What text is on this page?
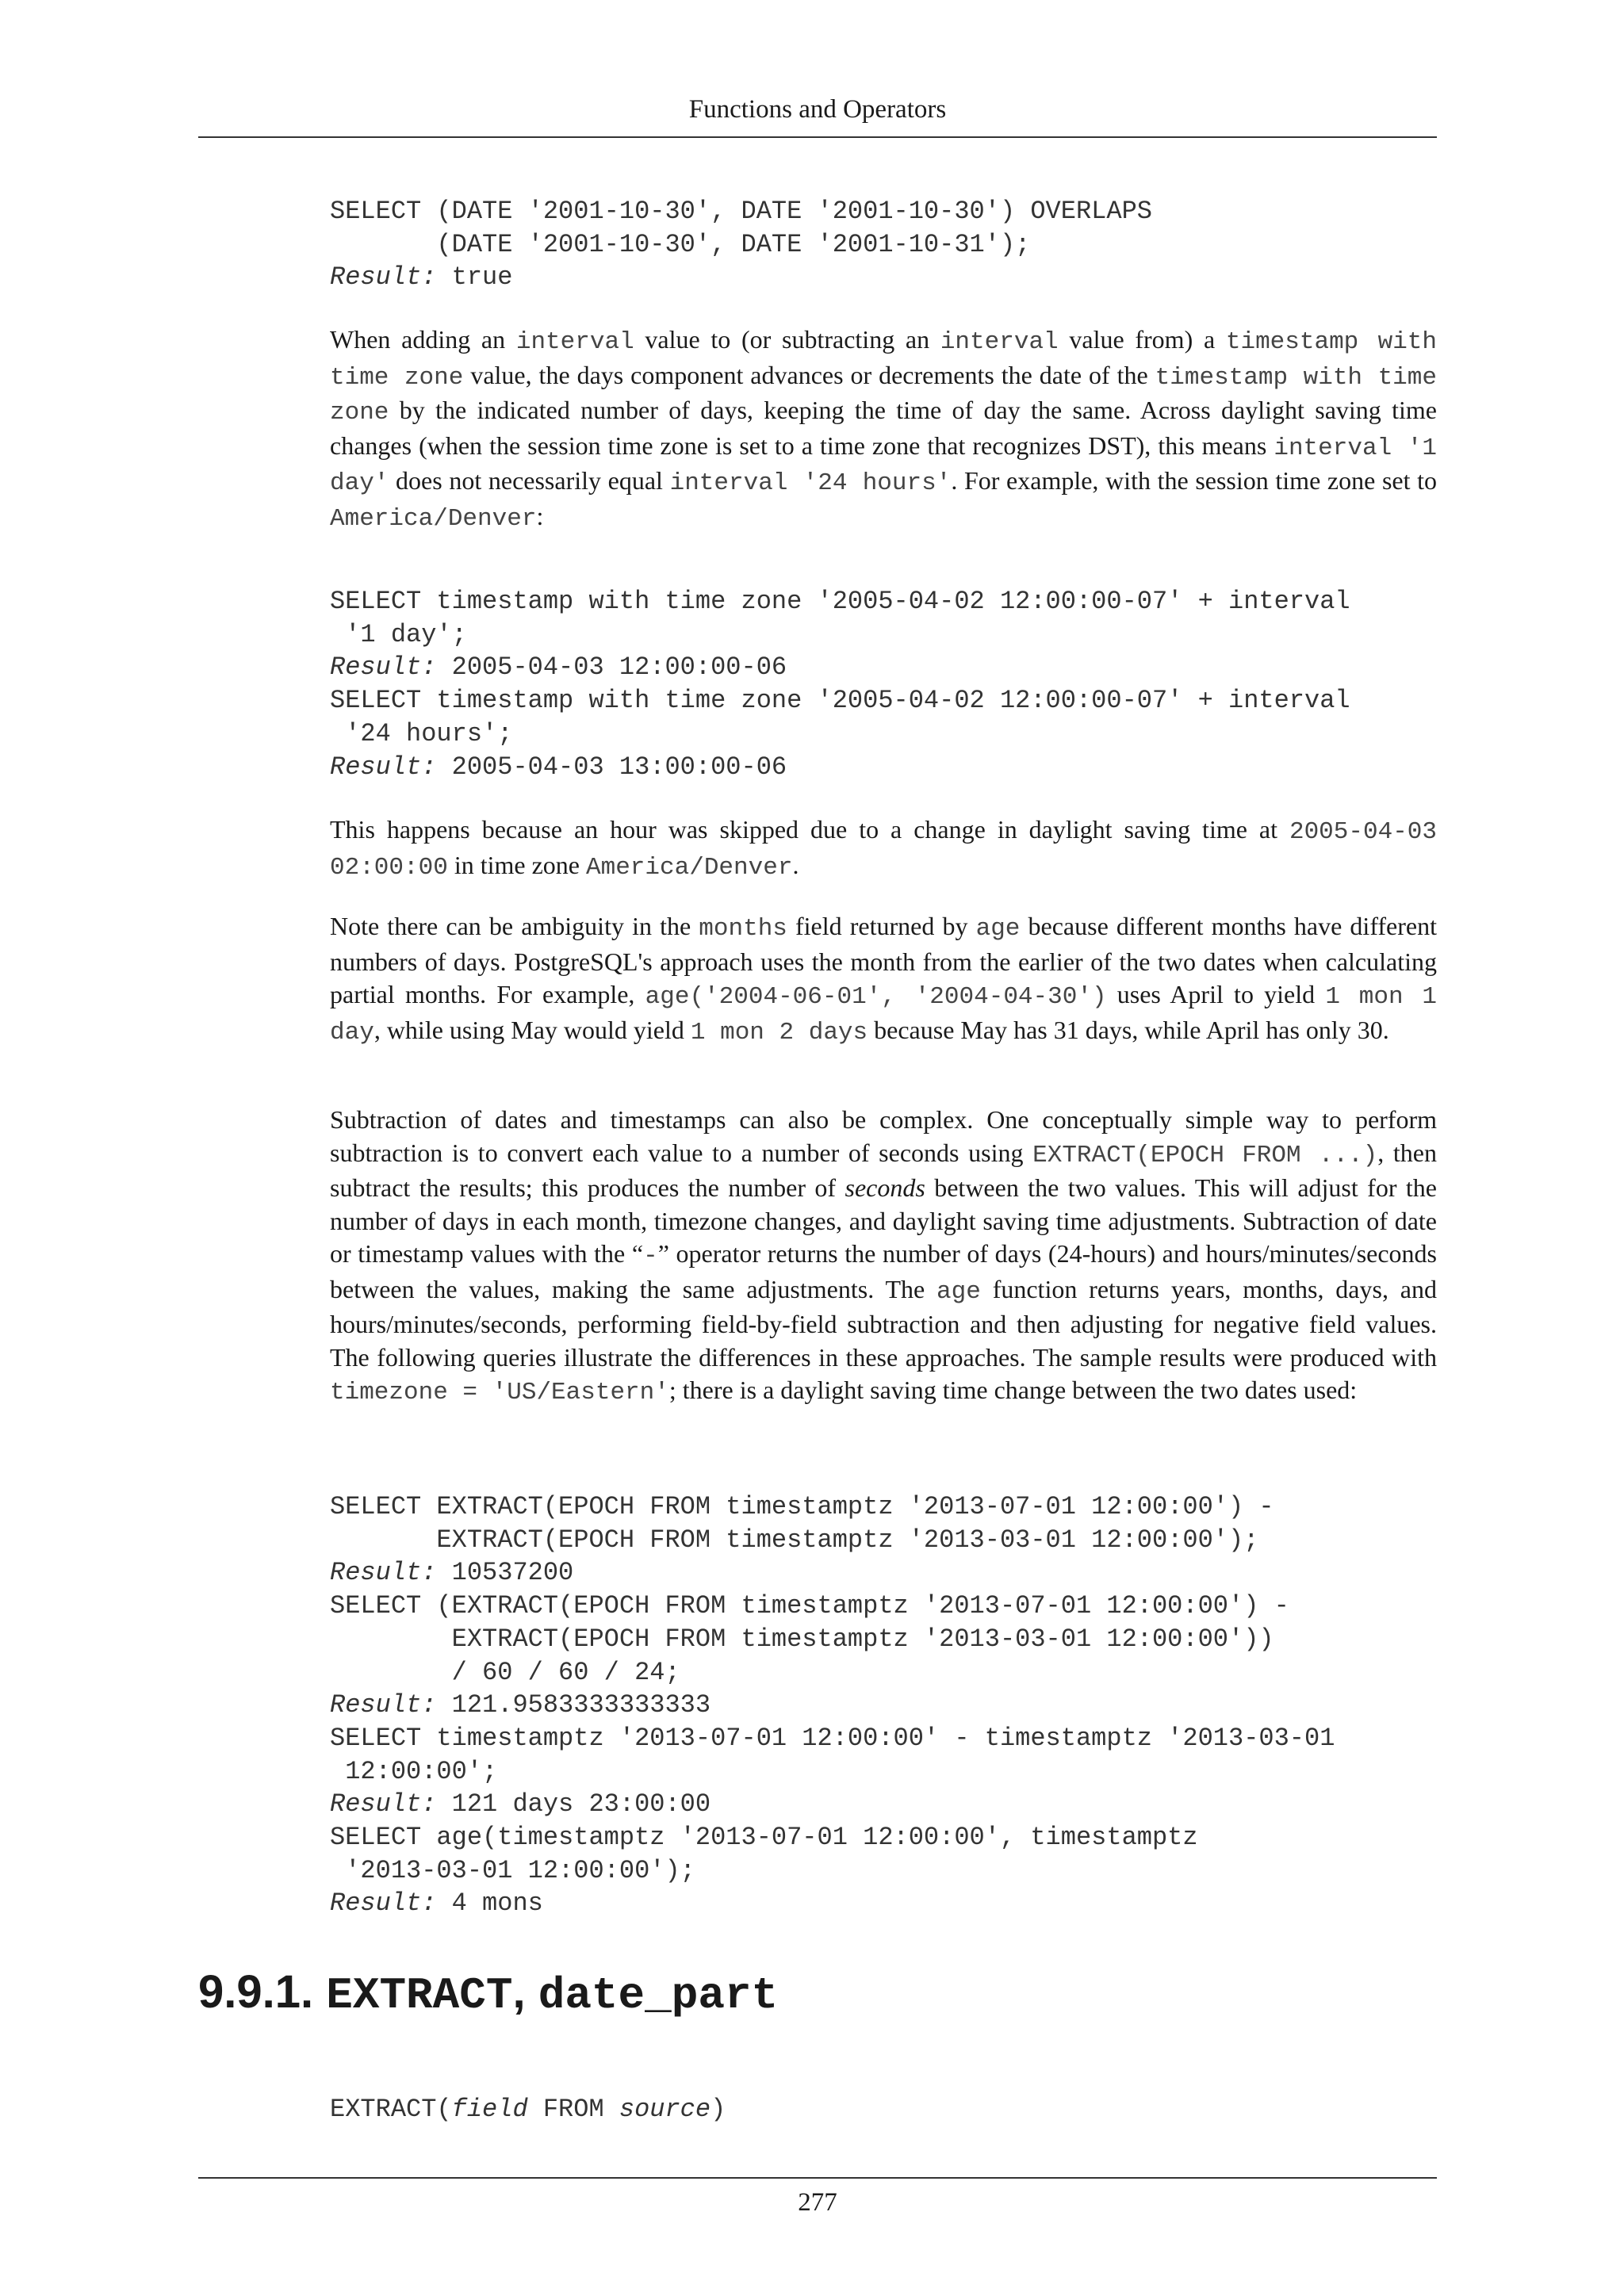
Functions and Operators
SELECT (DATE '2001-10-30', DATE '2001-10-30') OVERLAPS
(DATE '2001-10-30', DATE '2001-10-31');
Result: true

When adding an interval value to (or subtracting an interval value from) a timestamp with time zone value, the days component advances or decrements the date of the timestamp with time zone by the indicated number of days, keeping the time of day the same. Across daylight saving time changes (when the session time zone is set to a time zone that recognizes DST), this means interval '1 day' does not necessarily equal interval '24 hours'. For example, with the session time zone set to America/Denver:

SELECT timestamp with time zone '2005-04-02 12:00:00-07' + interval
'1 day';
Result: 2005-04-03 12:00:00-06
SELECT timestamp with time zone '2005-04-02 12:00:00-07' + interval
'24 hours';
Result: 2005-04-03 13:00:00-06

This happens because an hour was skipped due to a change in daylight saving time at 2005-04-03 02:00:00 in time zone America/Denver.

Note there can be ambiguity in the months field returned by age because different months have different numbers of days. PostgreSQL's approach uses the month from the earlier of the two dates when calculating partial months. For example, age('2004-06-01', '2004-04-30') uses April to yield 1 mon 1 day, while using May would yield 1 mon 2 days because May has 31 days, while April has only 30.

Subtraction of dates and timestamps can also be complex. One conceptually simple way to perform subtraction is to convert each value to a number of seconds using EXTRACT(EPOCH FROM ...), then subtract the results; this produces the number of seconds between the two values. This will adjust for the number of days in each month, timezone changes, and daylight saving time adjustments. Subtraction of date or timestamp values with the “-” operator returns the number of days (24-hours) and hours/minutes/seconds between the values, making the same adjustments. The age function returns years, months, days, and hours/minutes/seconds, performing field-by-field subtraction and then adjusting for negative field values. The following queries illustrate the differences in these approaches. The sample results were produced with timezone = 'US/Eastern'; there is a daylight saving time change between the two dates used:

SELECT EXTRACT(EPOCH FROM timestamptz '2013-07-01 12:00:00') -
EXTRACT(EPOCH FROM timestamptz '2013-03-01 12:00:00');
Result: 10537200
SELECT (EXTRACT(EPOCH FROM timestamptz '2013-07-01 12:00:00') -
EXTRACT(EPOCH FROM timestamptz '2013-03-01 12:00:00'))
/ 60 / 60 / 24;
Result: 121.9583333333333
SELECT timestamptz '2013-07-01 12:00:00' - timestamptz '2013-03-01
12:00:00';
Result: 121 days 23:00:00
SELECT age(timestamptz '2013-07-01 12:00:00', timestamptz
'2013-03-01 12:00:00');
Result: 4 mons
9.9.1. EXTRACT, date_part
EXTRACT(field FROM source)
277
